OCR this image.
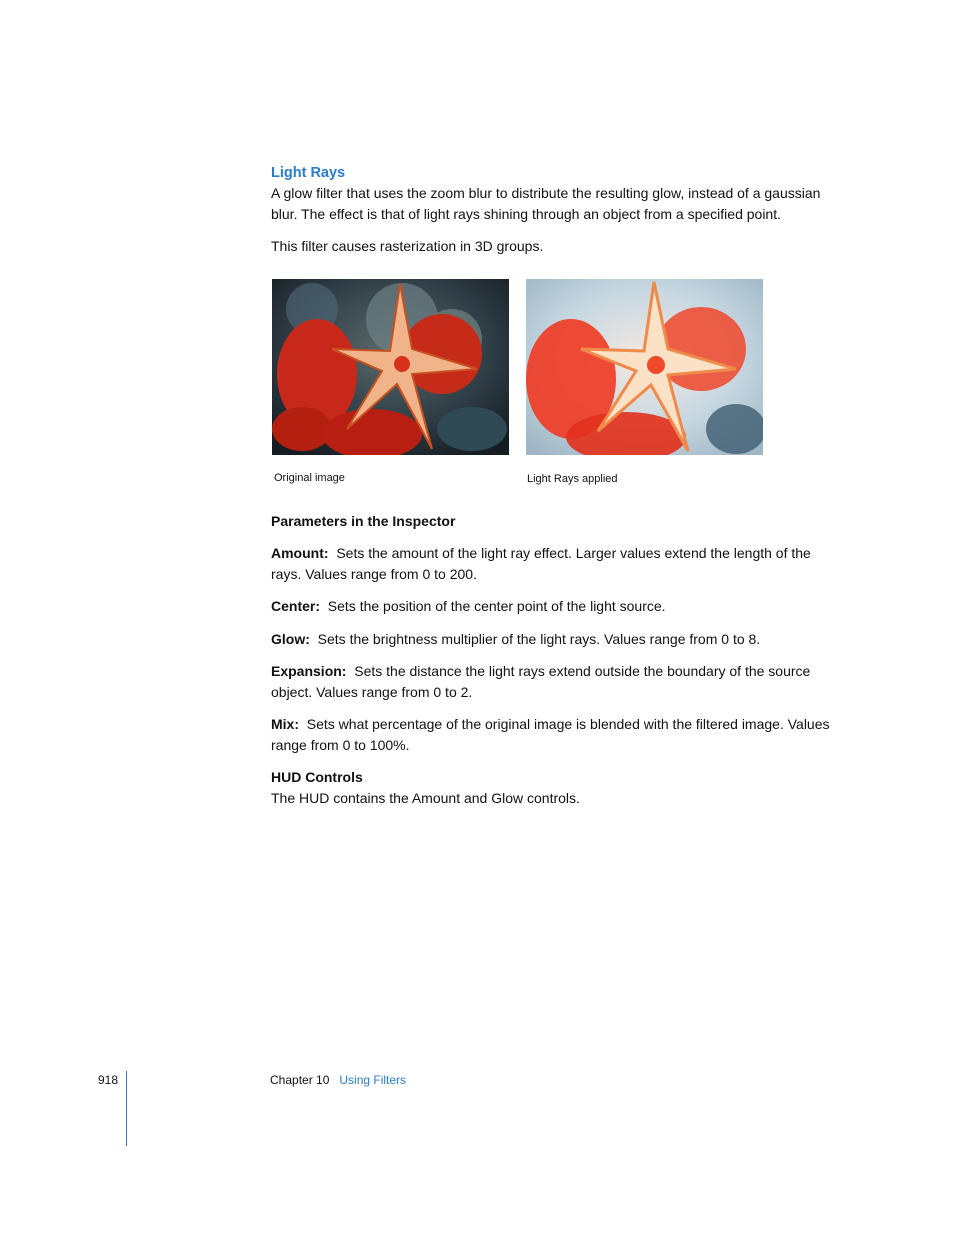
Light Rays

A glow filter that uses the zoom blur to distribute the resulting glow, instead of a gaussian blur. The effect is that of light rays shining through an object from a specified point.

This filter causes rasterization in 3D groups.

Original image	Light Rays applied

Parameters in the Inspector

Amount: Sets the amount of the light ray effect. Larger values extend the length of the rays. Values range from 0 to 200.

Center: Sets the position of the center point of the light source.

Glow: Sets the brightness multiplier of the light rays. Values range from 0 to 8.

Expansion: Sets the distance the light rays extend outside the boundary of the source object. Values range from 0 to 2.

Mix: Sets what percentage of the original image is blended with the filtered image. Values range from 0 to 100%.

HUD Controls

The HUD contains the Amount and Glow controls.

918	Chapter 10 Using Filters
